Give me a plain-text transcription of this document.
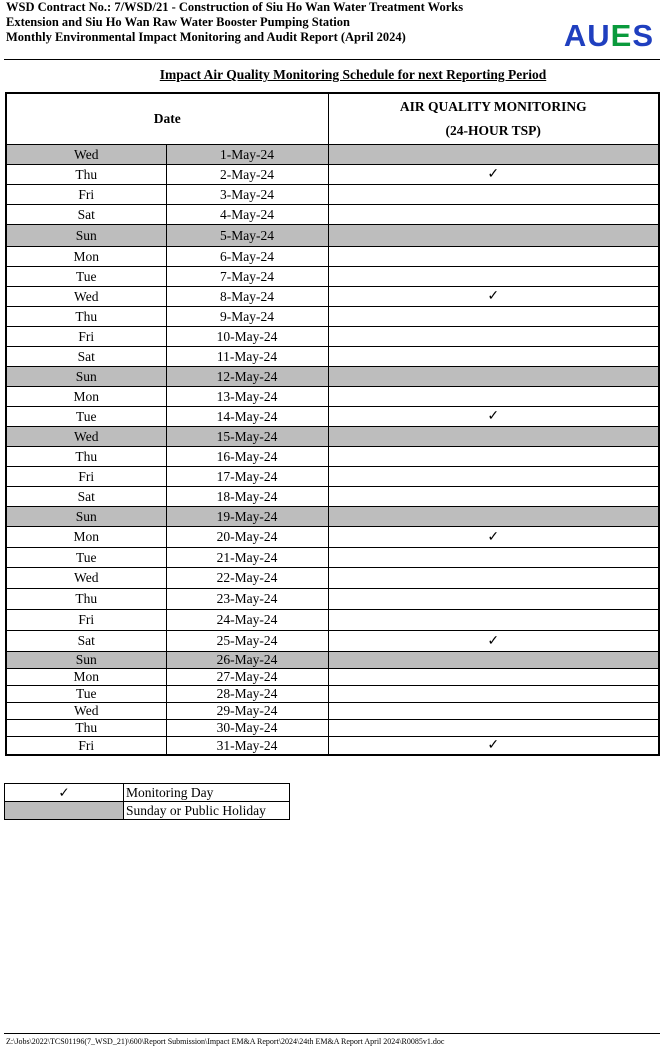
WSD Contract No.: 7/WSD/21 - Construction of Siu Ho Wan Water Treatment Works
Extension and Siu Ho Wan Raw Water Booster Pumping Station
Monthly Environmental Impact Monitoring and Audit Report (April 2024)	AUES
Impact Air Quality Monitoring Schedule for next Reporting Period
Date		AIR QUALITY MONITORING
(24-HOUR TSP)

Wed	1-May-24	
Thu	2-May-24	✓
Fri	3-May-24	
Sat	4-May-24	
Sun	5-May-24	
Mon	6-May-24	
Tue	7-May-24	
Wed	8-May-24	✓
Thu	9-May-24	
Fri	10-May-24	
Sat	11-May-24	
Sun	12-May-24	
Mon	13-May-24	
Tue	14-May-24	✓
Wed	15-May-24	
Thu	16-May-24	
Fri	17-May-24	
Sat	18-May-24	
Sun	19-May-24	
Mon	20-May-24	✓
Tue	21-May-24	
Wed	22-May-24	
Thu	23-May-24	
Fri	24-May-24	
Sat	25-May-24	✓
Sun	26-May-24	
Mon	27-May-24	
Tue	28-May-24	
Wed	29-May-24	
Thu	30-May-24	
Fri	31-May-24	✓
✓	Monitoring Day
	Sunday or Public Holiday
Z:\Jobs\2022\TCS01196(7_WSD_21)\600\Report Submission\Impact EM&A Report\2024\24th EM&A Report April 2024\R0085v1.doc
